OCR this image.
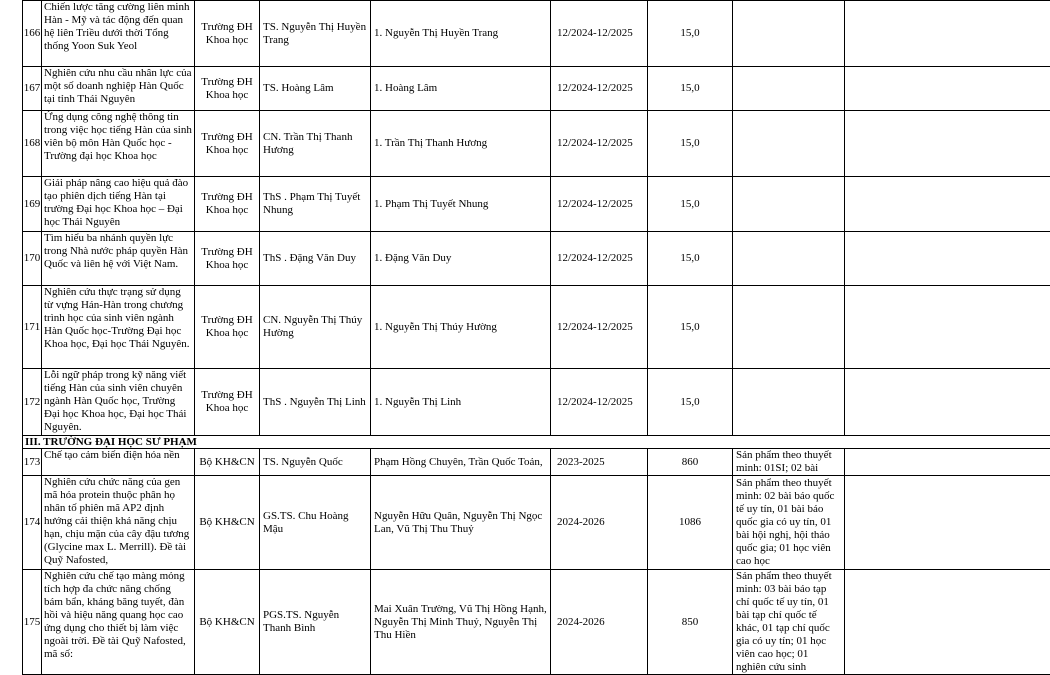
166	Chiến lược tăng cường liên minh Hàn - Mỹ và tác động đến quan hệ liên Triều dưới thời Tổng thống Yoon Suk Yeol	Trường ĐH Khoa học	TS. Nguyễn Thị Huyền Trang	1. Nguyễn Thị Huyền Trang	12/2024-12/2025	15,0		
167	Nghiên cứu nhu cầu nhân lực của một số doanh nghiệp Hàn Quốc tại tỉnh Thái Nguyên	Trường ĐH Khoa học	TS. Hoàng Lâm	1. Hoàng Lâm	12/2024-12/2025	15,0		
168	Ứng dụng công nghệ thông tin trong việc học tiếng Hàn của sinh viên bộ môn Hàn Quốc học - Trường đại học Khoa học	Trường ĐH Khoa học	CN. Trần Thị Thanh Hương	1. Trần Thị Thanh Hương	12/2024-12/2025	15,0		
169	Giải pháp nâng cao hiệu quả đào tạo phiên dịch tiếng Hàn tại trường Đại học Khoa học – Đại học Thái Nguyên	Trường ĐH Khoa học	ThS . Phạm Thị Tuyết Nhung	1. Phạm Thị Tuyết Nhung	12/2024-12/2025	15,0		
170	Tìm hiểu ba nhánh quyền lực trong Nhà nước pháp quyền Hàn Quốc và liên hệ với Việt Nam.	Trường ĐH Khoa học	ThS . Đặng Văn Duy	1. Đặng Văn Duy	12/2024-12/2025	15,0		
171	Nghiên cứu thực trạng sử dụng từ vựng Hán-Hàn trong chương trình học của sinh viên ngành Hàn Quốc học-Trường Đại học Khoa học, Đại học Thái Nguyên.	Trường ĐH Khoa học	CN. Nguyễn Thị Thúy Hường	1. Nguyễn Thị Thúy Hường	12/2024-12/2025	15,0		
172	Lỗi ngữ pháp trong kỹ năng viết tiếng Hàn của sinh viên chuyên ngành Hàn Quốc học, Trường Đại học Khoa học, Đại học Thái Nguyên.	Trường ĐH Khoa học	ThS . Nguyễn Thị Linh	1. Nguyễn Thị Linh	12/2024-12/2025	15,0		
III. TRƯỜNG ĐẠI HỌC SƯ PHẠM								
173	Chế tạo cảm biến điện hóa nền	Bộ KH&CN	TS. Nguyễn Quốc	Phạm Hồng Chuyên, Trần Quốc Toản,	2023-2025	860	Sản phẩm theo thuyết minh: 01SI; 02 bài	
174	Nghiên cứu chức năng của gen mã hóa protein thuộc phân họ nhân tố phiên mã AP2 định hướng cải thiện khả năng chịu hạn, chịu mặn của cây đậu tương (Glycine max L. Merrill). Đề tài Quỹ Nafosted,	Bộ KH&CN	GS.TS. Chu Hoàng Mậu	Nguyễn Hữu Quân, Nguyễn Thị Ngọc Lan, Vũ Thị Thu Thuỷ	2024-2026	1086	Sản phẩm theo thuyết minh: 02 bài báo quốc tế uy tín, 01 bài báo quốc gia có uy tín, 01 bài hội nghị, hội thảo quốc gia; 01 học viên cao học	
175	Nghiên cứu chế tạo màng mỏng tích hợp đa chức năng chống bám bẩn, kháng băng tuyết, đàn hồi và hiệu năng quang học cao ứng dụng cho thiết bị làm việc ngoài trời. Đề tài Quỹ Nafosted, mã số:	Bộ KH&CN	PGS.TS. Nguyễn Thanh Bình	Mai Xuân Trường, Vũ Thị Hồng Hạnh, Nguyễn Thị Minh Thuỷ, Nguyễn Thị Thu Hiền	2024-2026	850	Sản phẩm theo thuyết minh: 03 bài báo tạp chí quốc tế uy tín, 01 bài tạp chí quốc tế khác, 01 tạp chí quốc gia có uy tín; 01 học viên cao học; 01 nghiên cứu sinh	
